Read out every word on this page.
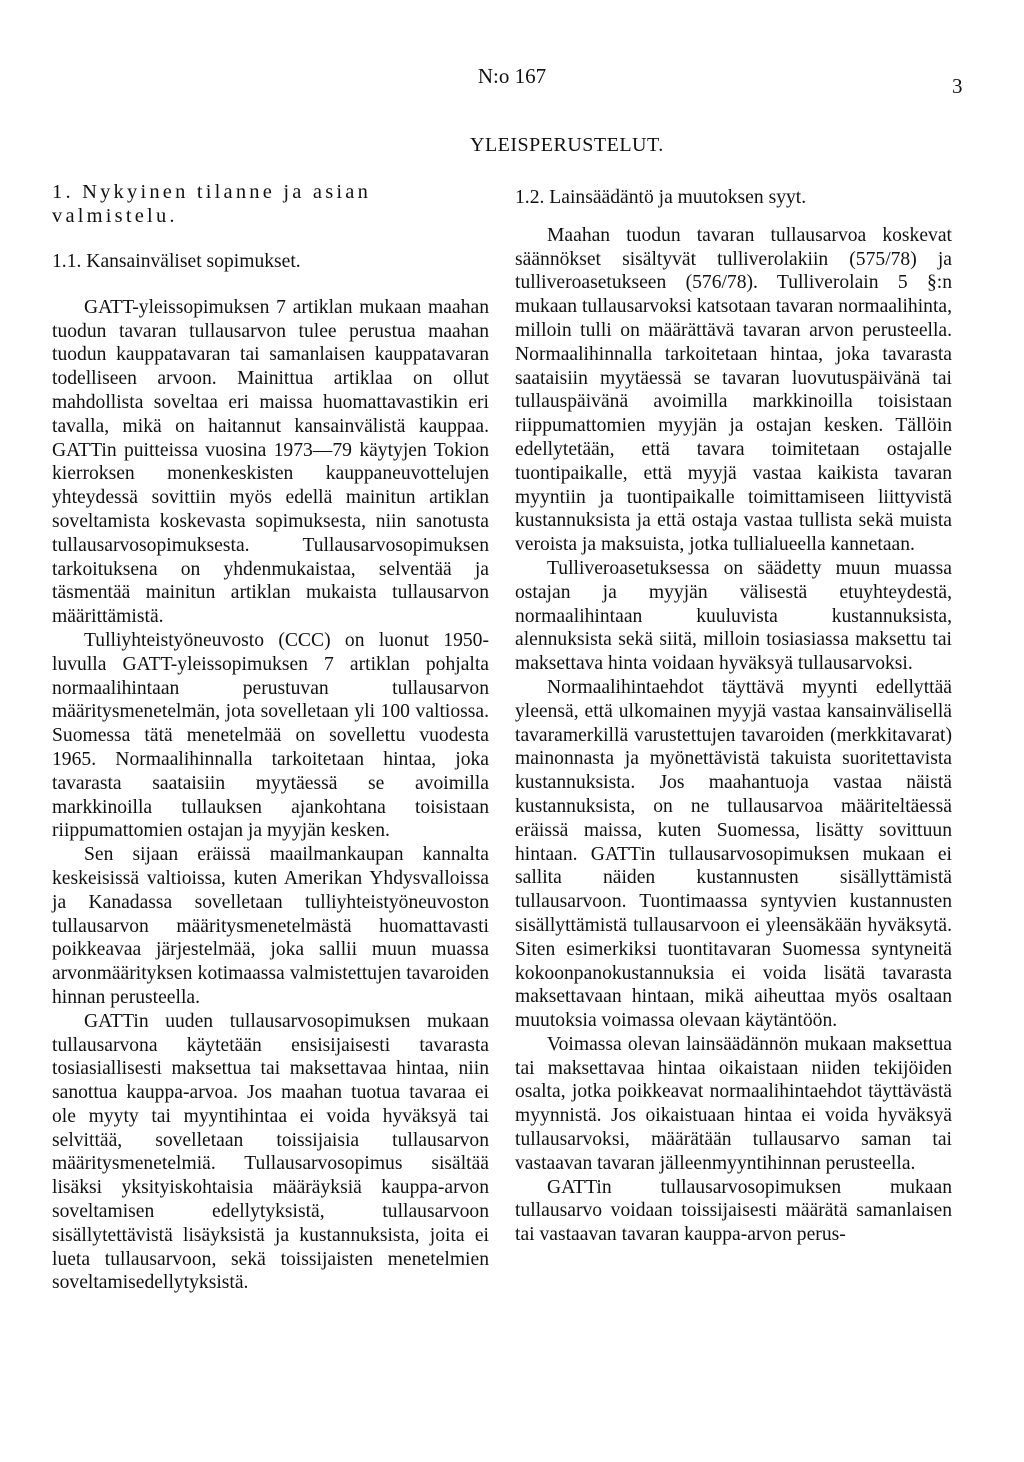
N:o 167	3
YLEISPERUSTELUT.
1. Nykyinen tilanne ja asian valmistelu.
1.1. Kansainväliset sopimukset.

GATT-yleissopimuksen 7 artiklan mukaan maahan tuodun tavaran tullausarvon tulee perustua maahan tuodun kauppatavaran tai samanlaisen kauppatavaran todelliseen arvoon. Mainittua artiklaa on ollut mahdollista soveltaa eri maissa huomattavastikin eri tavalla, mikä on haitannut kansainvälistä kauppaa. GATTin puitteissa vuosina 1973—79 käytyjen Tokion kierroksen monenkeskisten kauppaneuvottelujen yhteydessä sovittiin myös edellä mainitun artiklan soveltamista koskevasta sopimuksesta, niin sanotusta tullausarvosopimuksesta. Tullausarvosopimuksen tarkoituksena on yhdenmukaistaa, selventää ja täsmentää mainitun artiklan mukaista tullausarvon määrittämistä.

Tulliyhteistyöneuvosto (CCC) on luonut 1950-luvulla GATT-yleissopimuksen 7 artiklan pohjalta normaalihintaan perustuvan tullausarvon määritysmenetelmän, jota sovelletaan yli 100 valtiossa. Suomessa tätä menetelmää on sovellettu vuodesta 1965. Normaalihinnalla tarkoitetaan hintaa, joka tavarasta saataisiin myytäessä se avoimilla markkinoilla tullauksen ajankohtana toisistaan riippumattomien ostajan ja myyjän kesken.

Sen sijaan eräissä maailmankaupan kannalta keskeisissä valtioissa, kuten Amerikan Yhdysvalloissa ja Kanadassa sovelletaan tulliyhteistyöneuvoston tullausarvon määritysmenetelmästä huomattavasti poikkeavaa järjestelmää, joka sallii muun muassa arvonmäärityksen kotimaassa valmistettujen tavaroiden hinnan perusteella.

GATTin uuden tullausarvosopimuksen mukaan tullausarvona käytetään ensisijaisesti tavarasta tosiasiallisesti maksettua tai maksettavaa hintaa, niin sanottua kauppa-arvoa. Jos maahan tuotua tavaraa ei ole myyty tai myyntihintaa ei voida hyväksyä tai selvittää, sovelletaan toissijaisia tullausarvon määritysmenetelmiä. Tullausarvosopimus sisältää lisäksi yksityiskohtaisia määräyksiä kauppa-arvon soveltamisen edellytyksistä, tullausarvoon sisällytettävistä lisäyksistä ja kustannuksista, joita ei lueta tullausarvoon, sekä toissijaisten menetelmien soveltamisedellytyksistä.

1.2. Lainsäädäntö ja muutoksen syyt.

Maahan tuodun tavaran tullausarvoa koskevat säännökset sisältyvät tulliverolakiin (575/78) ja tulliveroasetukseen (576/78). Tulliverolain 5 §:n mukaan tullausarvoksi katsotaan tavaran normaalihinta, milloin tulli on määrättävä tavaran arvon perusteella. Normaalihinnalla tarkoitetaan hintaa, joka tavarasta saataisiin myytäessä se tavaran luovutuspäivänä tai tullauspäivänä avoimilla markkinoilla toisistaan riippumattomien myyjän ja ostajan kesken. Tällöin edellytetään, että tavara toimitetaan ostajalle tuontipaikalle, että myyjä vastaa kaikista tavaran myyntiin ja tuontipaikalle toimittamiseen liittyvistä kustannuksista ja että ostaja vastaa tullista sekä muista veroista ja maksuista, jotka tullialueella kannetaan.

Tulliveroasetuksessa on säädetty muun muassa ostajan ja myyjän välisestä etuyhteydestä, normaalihintaan kuuluvista kustannuksista, alennuksista sekä siitä, milloin tosiasiassa maksettu tai maksettava hinta voidaan hyväksyä tullausarvoksi.

Normaalihintaehdot täyttävä myynti edellyttää yleensä, että ulkomainen myyjä vastaa kansainvälisellä tavaramerkillä varustettujen tavaroiden (merkkitavarat) mainonnasta ja myönettävistä takuista suoritettavista kustannuksista. Jos maahantuoja vastaa näistä kustannuksista, on ne tullausarvoa määriteltäessä eräissä maissa, kuten Suomessa, lisätty sovittuun hintaan. GATTin tullausarvosopimuksen mukaan ei sallita näiden kustannusten sisällyttämistä tullausarvoon. Tuontimaassa syntyvien kustannusten sisällyttämistä tullausarvoon ei yleensäkään hyväksytä. Siten esimerkiksi tuontitavaran Suomessa syntyneitä kokoonpanokustannuksia ei voida lisätä tavarasta maksettavaan hintaan, mikä aiheuttaa myös osaltaan muutoksia voimassa olevaan käytäntöön.

Voimassa olevan lainsäädännön mukaan maksettua tai maksettavaa hintaa oikaistaan niiden tekijöiden osalta, jotka poikkeavat normaalihintaehdot täyttävästä myynnistä. Jos oikaistuaan hintaa ei voida hyväksyä tullausarvoksi, määrätään tullausarvo saman tai vastaavan tavaran jälleenmyyntihinnan perusteella.

GATTin tullausarvosopimuksen mukaan tullausarvo voidaan toissijaisesti määrätä samanlaisen tai vastaavan tavaran kauppa-arvon perus-
